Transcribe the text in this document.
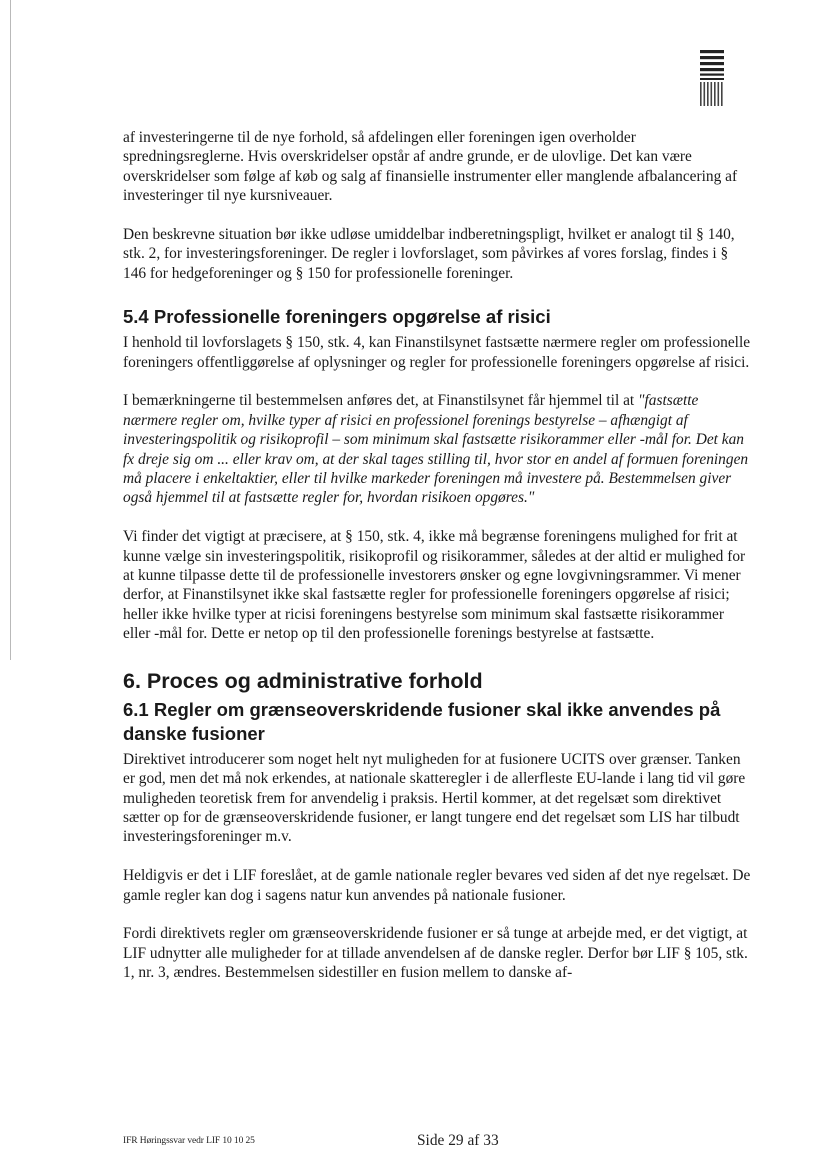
af investeringerne til de nye forhold, så afdelingen eller foreningen igen overholder spredningsreglerne. Hvis overskridelser opstår af andre grunde, er de ulovlige. Det kan være overskridelser som følge af køb og salg af finansielle instrumenter eller manglende afbalancering af investeringer til nye kursniveauer.

Den beskrevne situation bør ikke udløse umiddelbar indberetningspligt, hvilket er analogt til § 140, stk. 2, for investeringsforeninger. De regler i lovforslaget, som påvirkes af vores forslag, findes i § 146 for hedgeforeninger og § 150 for professionelle foreninger.

5.4 Professionelle foreningers opgørelse af risici

I henhold til lovforslagets § 150, stk. 4, kan Finanstilsynet fastsætte nærmere regler om professionelle foreningers offentliggørelse af oplysninger og regler for professionelle foreningers opgørelse af risici.

I bemærkningerne til bestemmelsen anføres det, at Finanstilsynet får hjemmel til at "fastsætte nærmere regler om, hvilke typer af risici en professionel forenings bestyrelse – afhængigt af investeringspolitik og risikoprofil – som minimum skal fastsætte risikorammer eller -mål for. Det kan fx dreje sig om ... eller krav om, at der skal tages stilling til, hvor stor en andel af formuen foreningen må placere i enkeltaktier, eller til hvilke markeder foreningen må investere på. Bestemmelsen giver også hjemmel til at fastsætte regler for, hvordan risikoen opgøres."

Vi finder det vigtigt at præcisere, at § 150, stk. 4, ikke må begrænse foreningens mulighed for frit at kunne vælge sin investeringspolitik, risikoprofil og risikorammer, således at der altid er mulighed for at kunne tilpasse dette til de professionelle investorers ønsker og egne lovgivningsrammer. Vi mener derfor, at Finanstilsynet ikke skal fastsætte regler for professionelle foreningers opgørelse af risici; heller ikke hvilke typer at ricisi foreningens bestyrelse som minimum skal fastsætte risikorammer eller -mål for. Dette er netop op til den professionelle forenings bestyrelse at fastsætte.

6. Proces og administrative forhold
6.1 Regler om grænseoverskridende fusioner skal ikke anvendes på danske fusioner

Direktivet introducerer som noget helt nyt muligheden for at fusionere UCITS over grænser. Tanken er god, men det må nok erkendes, at nationale skatteregler i de allerfleste EU-lande i lang tid vil gøre muligheden teoretisk frem for anvendelig i praksis. Hertil kommer, at det regelsæt som direktivet sætter op for de grænseoverskridende fusioner, er langt tungere end det regelsæt som LIS har tilbudt investeringsforeninger m.v.

Heldigvis er det i LIF foreslået, at de gamle nationale regler bevares ved siden af det nye regelsæt. De gamle regler kan dog i sagens natur kun anvendes på nationale fusioner.

Fordi direktivets regler om grænseoverskridende fusioner er så tunge at arbejde med, er det vigtigt, at LIF udnytter alle muligheder for at tillade anvendelsen af de danske regler. Derfor bør LIF § 105, stk. 1, nr. 3, ændres. Bestemmelsen sidestiller en fusion mellem to danske af-

IFR Høringssvar vedr LIF 10 10 25	Side 29 af 33
